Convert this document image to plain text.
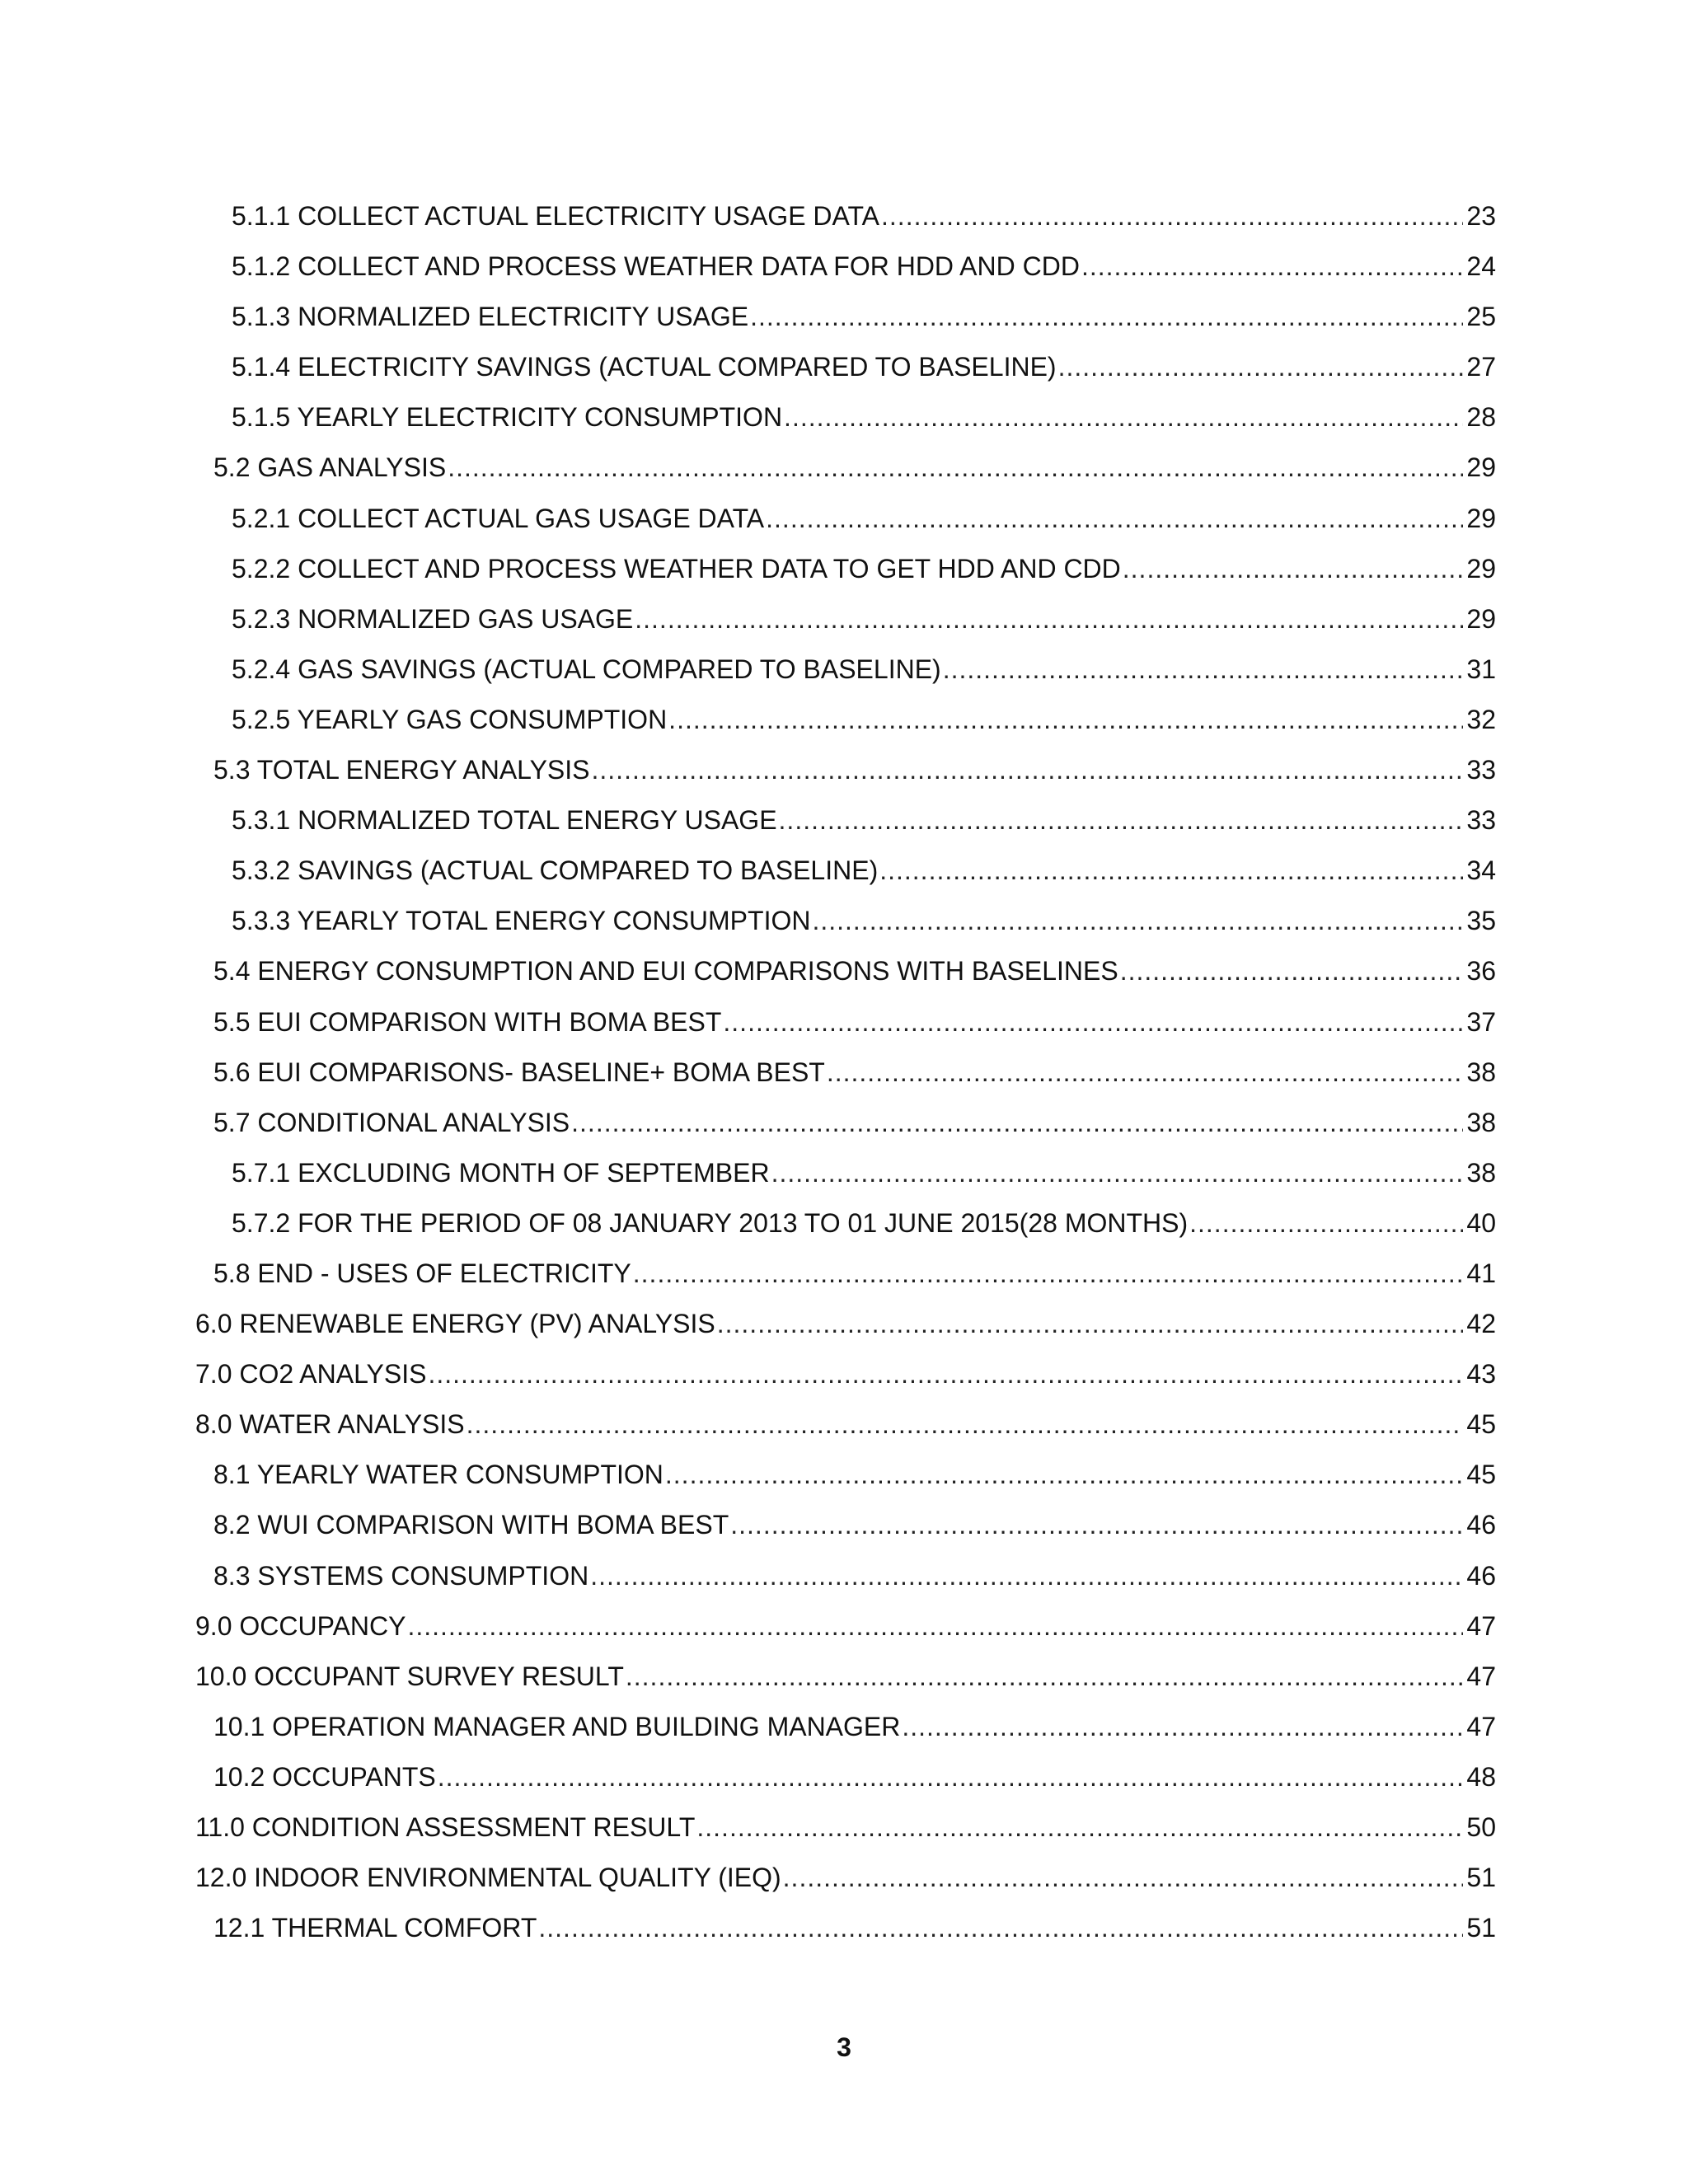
5.1.1 COLLECT ACTUAL ELECTRICITY USAGE DATA .....	23
5.1.2 COLLECT AND PROCESS WEATHER DATA FOR HDD AND CDD .....	24
5.1.3 NORMALIZED ELECTRICITY USAGE .....	25
5.1.4 ELECTRICITY SAVINGS (ACTUAL COMPARED TO BASELINE) .....	27
5.1.5 YEARLY ELECTRICITY CONSUMPTION .....	28
5.2 GAS ANALYSIS .....	29
5.2.1 COLLECT ACTUAL GAS USAGE DATA .....	29
5.2.2 COLLECT AND PROCESS WEATHER DATA TO GET HDD AND CDD .....	29
5.2.3 NORMALIZED GAS USAGE .....	29
5.2.4 GAS SAVINGS (ACTUAL COMPARED TO BASELINE) .....	31
5.2.5 YEARLY GAS CONSUMPTION .....	32
5.3 TOTAL ENERGY ANALYSIS .....	33
5.3.1 NORMALIZED TOTAL ENERGY USAGE .....	33
5.3.2 SAVINGS (ACTUAL COMPARED TO BASELINE) .....	34
5.3.3 YEARLY TOTAL ENERGY CONSUMPTION .....	35
5.4 ENERGY CONSUMPTION AND EUI COMPARISONS WITH BASELINES .....	36
5.5 EUI COMPARISON WITH BOMA BEST .....	37
5.6 EUI COMPARISONS- BASELINE+ BOMA BEST .....	38
5.7 CONDITIONAL ANALYSIS .....	38
5.7.1 EXCLUDING MONTH OF SEPTEMBER .....	38
5.7.2 FOR THE PERIOD OF 08 JANUARY 2013 TO 01 JUNE 2015(28 MONTHS) .....	40
5.8 END - USES OF ELECTRICITY .....	41
6.0 RENEWABLE ENERGY (PV) ANALYSIS .....	42
7.0 CO2 ANALYSIS .....	43
8.0 WATER ANALYSIS .....	45
8.1 YEARLY WATER CONSUMPTION .....	45
8.2 WUI COMPARISON WITH BOMA BEST .....	46
8.3 SYSTEMS CONSUMPTION .....	46
9.0 OCCUPANCY .....	47
10.0 OCCUPANT SURVEY RESULT .....	47
10.1 OPERATION MANAGER AND BUILDING MANAGER .....	47
10.2 OCCUPANTS .....	48
11.0 CONDITION ASSESSMENT RESULT .....	50
12.0 INDOOR ENVIRONMENTAL QUALITY (IEQ) .....	51
12.1 THERMAL COMFORT .....	51
3
